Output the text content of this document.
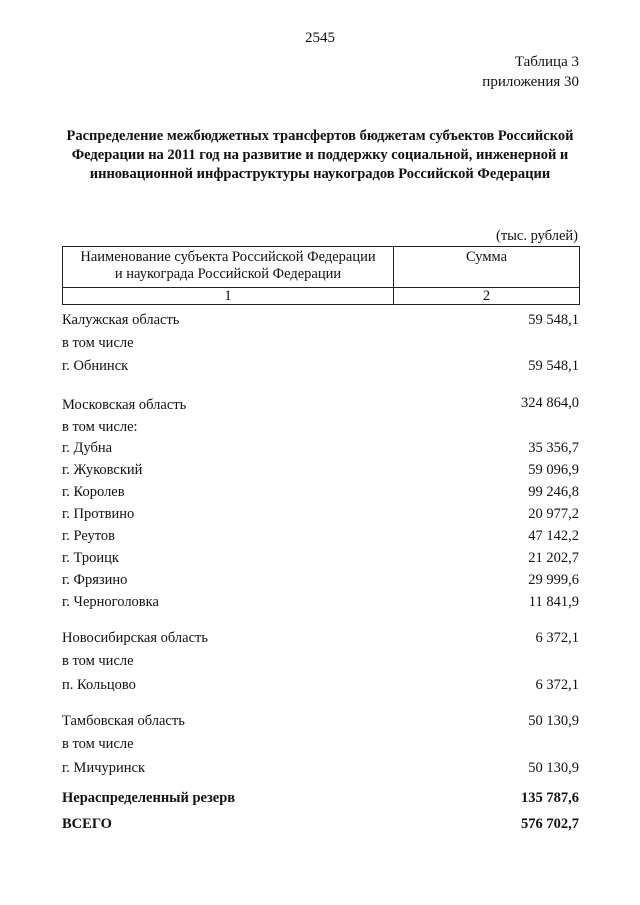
2545
Таблица 3
приложения 30
Распределение межбюджетных трансфертов бюджетам субъектов Российской Федерации на 2011 год на развитие и поддержку социальной, инженерной и инновационной инфраструктуры наукоградов Российской Федерации
(тыс. рублей)
Наименование субъекта Российской Федерации
и наукограда Российской Федерации	Сумма
1	2
Калужская область	59 548,1
в том числе
г. Обнинск	59 548,1
Московская область	324 864,0
в том числе:
г. Дубна	35 356,7
г. Жуковский	59 096,9
г. Королев	99 246,8
г. Протвино	20 977,2
г. Реутов	47 142,2
г. Троицк	21 202,7
г. Фрязино	29 999,6
г. Черноголовка	11 841,9
Новосибирская область	6 372,1
в том числе
п. Кольцово	6 372,1
Тамбовская область	50 130,9
в том числе
г. Мичуринск	50 130,9
Нераспределенный резерв	135 787,6
ВСЕГО	576 702,7
